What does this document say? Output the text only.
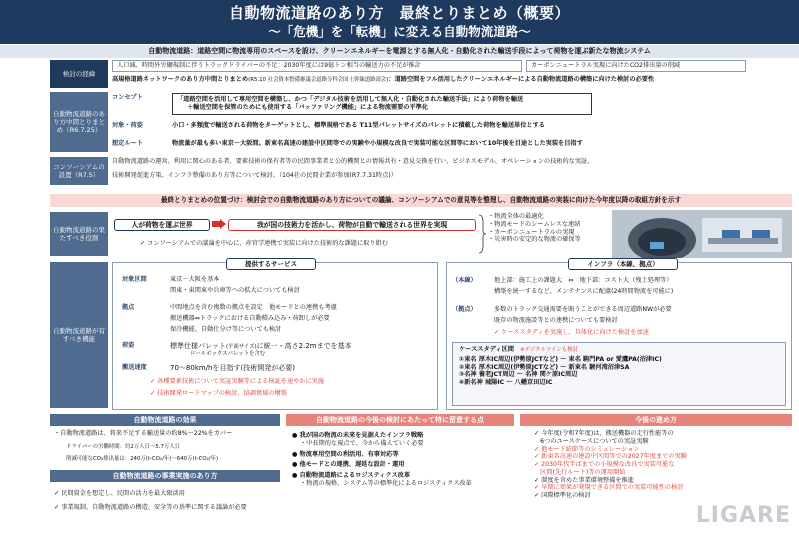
自動物流道路のあり方　最終とりまとめ（概要）
～「危機」を「転機」に変える自動物流道路～
自動物流道路：道路空間に物流専用のスペースを設け、クリーンエネルギーを電源とする無人化・自動化された輸送手段によって荷物を運ぶ新たな物流システム
検討の経緯
人口減、時間外労働規制に伴うトラックドライバーの不足：2030年度には9億トン相当の輸送力の不足が推計	カーボンニュートラル実現に向けたCO2排出量の削減
高規格道路ネットワークのあり方中間とりまとめ(R5.10 社会資本整備審議会道路分科会国土幹線道路部会)：道路空間をフル活用したクリーンエネルギーによる自動物流道路の構築に向けた検討の必要性
自動物流道路のあり方中間とりまとめ（R6.7.25）
コンセプト	「道路空間を活用して専用空間を構築し、かつ「デジタル技術を活用して無人化・自動化された輸送手法」により荷物を輸送
＋輸送空間を保管のためにも使用する「バッファリング機能」による物流需要の平準化
対象・荷姿	小口・多頻度で輸送される荷物をターゲットとし、標準規格である T11型パレットサイズのパレットに積載した荷物を輸送単位とする
想定ルート	物流量が最も多い東京－大阪間。新東名高速の建設中区間等での実験や小規模な改良で実装可能な区間等において10年後を目途とした実装を目指す
コンソーシアムの設置（R7.5）
自動物流道路の運営、利用に関心のある者、要素技術の保有者等の民間事業者と公的機関との情報共有・意見交換を行い、ビジネスモデル、オペレーションの技術的な実証、
技術開発促進方策、インフラ整備のあり方等について検討。（104社の民間企業が参加(R7.7.31時点)）
最終とりまとめの位置づけ：検討会での自動物流道路のあり方についての議論、コンソーシアムでの意見等を整理し、自動物流道路の実装に向けた今年度以降の取組方針を示す
自動物流道路の果たすべき役割
人が荷物を運ぶ世界	我が国の技術力を活かし、荷物が自動で輸送される世界を実現
✓ コンソーシアムでの議論を中心に、産官学連携で実装に向けた技術的な課題に取り組む
・物流全体の最適化
・物流モードのシームレスな連結
・カーボンニュートラルの実現
・災害時の安定的な物流の確保等
自動物流道路が有すべき機能
提供するサービス
対象区間	東京－大阪を基本
関東・東関東や兵庫等への拡大についても検討
拠点	中間地点を含む複数の拠点を設定　他モードとの連携も考慮
搬送機器⇔トラックにおける自動積み込み・荷卸しが必要
保冷機能、自動仕分け等についても検討
荷姿	標準仕様パレット(平面サイズ)に統一・高さ2.2mまでを基本
ロールボックスパレットを含む
搬送速度	70～80km/hを目指す(技術開発が必要)
✓ 各種要素技術について実証実験等による検証を速やかに実施
✓ 技術開発ロードマップの検討、協調領域の構築
インフラ（本線、拠点）
（本線）	地上部：施工上の課題大　⇔　地下部：コスト大（残土処理等）
構築を統一するなど、メンテナンスに配慮(24時間物流を可能に)
（拠点）	多数のトラック交通需要を賄うことができる周辺道路NWが必要
既存の物流施設等との連携についても要検討
✓ ケーススタディを実施し、具体化に向けた検討を加速
ケーススタディ区間　 ※デジタルツインも検討
①東名 厚木IC周辺(伊勢原JCTなど) ～ 東名 駒門PA or 愛鷹PA(沼津IC)
②東名 厚木IC周辺(伊勢原JCTなど) ～ 新東名 駿河湾沼津SA
③名神 養老JCT周辺 ～ 名神 関ケ原IC周辺
④新名神 城陽IC ～ 八幡京田辺IC
自動物流道路の効果
・自動物流道路は、将来不足する輸送量の約8%～22%をカバー
ドライバーの労働時間：約2万人日～5.7万人日
削減可能なCO₂排出量は：240万(t-CO₂/年)～640万(t-CO₂/年)
自動物流道路の事業実施のあり方
✓ 民間資金を想定し、民間の活力を最大限活用
✓ 事業規制、自動物流道路の構造、安全等の基準に関する議論が必要
自動物流道路の今後の検討にあたって特に留意する点
● 我が国の物流の未来を見据えたインフラ戦略
・中長期的な視点で、今から備えていく必要
● 物流専用空間の利活用、有事対応等
● 他モードとの連携、遅延な設計・運用
● 自動物流道路によるロジスティクス改革
・物流の規格、システム等の標準化によるロジスティクス改革
今後の進め方
✓ 今年度(令和7年度)は、搬送機器の走行性能等の
　6つのユースケースについての実証実験
✓ 他モード結節等のシミュレーション
✓ 新東名高速の建設中区間等での2027年度までの実験
✓ 2030年代半ばまでの小規模な改良で実装可能な
　区間(先行ルート)等の運用開始
✓ 制度を含めた事業環境整備を推進
✓ 早期に効果が発現できる区間での実装可能性の検討
✓ 国際標準化の検討
LIGARE
